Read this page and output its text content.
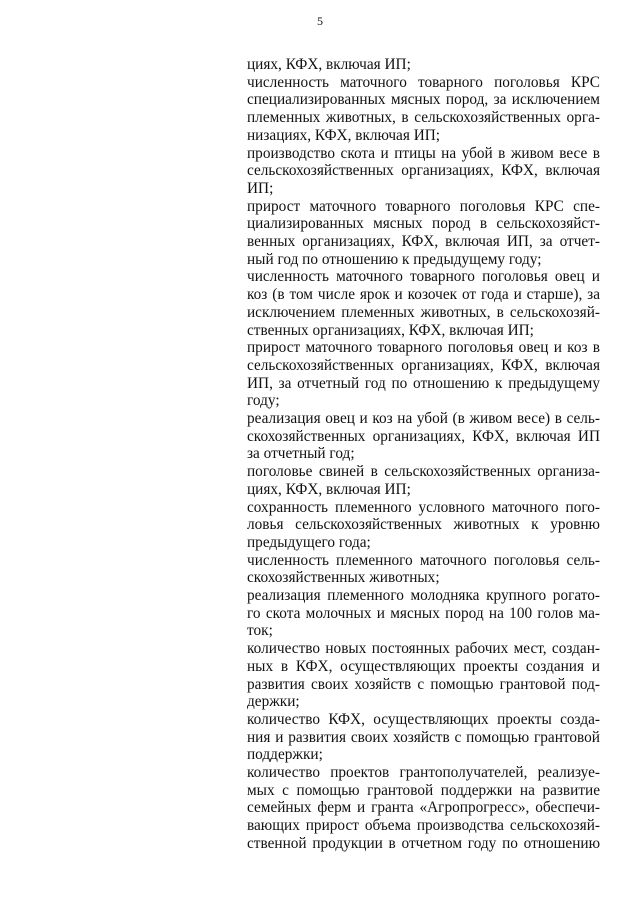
5
циях, КФХ, включая ИП;
численность маточного товарного поголовья КРС
специализированных мясных пород, за исключением
племенных животных, в сельскохозяйственных орга-
низациях, КФХ, включая ИП;
производство скота и птицы на убой в живом весе в
сельскохозяйственных организациях, КФХ, включая
ИП;
прирост маточного товарного поголовья КРС спе-
циализированных мясных пород в сельскохозяйст-
венных организациях, КФХ, включая ИП, за отчет-
ный год по отношению к предыдущему году;
численность маточного товарного поголовья овец и
коз (в том числе ярок и козочек от года и старше), за
исключением племенных животных, в сельскохозяй-
ственных организациях, КФХ, включая ИП;
прирост маточного товарного поголовья овец и коз в
сельскохозяйственных организациях, КФХ, включая
ИП, за отчетный год по отношению к предыдущему
году;
реализация овец и коз на убой (в живом весе) в сель-
скохозяйственных организациях, КФХ, включая ИП
за отчетный год;
поголовье свиней в сельскохозяйственных организа-
циях, КФХ, включая ИП;
сохранность племенного условного маточного пого-
ловья сельскохозяйственных животных к уровню
предыдущего года;
численность племенного маточного поголовья сель-
скохозяйственных животных;
реализация племенного молодняка крупного рогато-
го скота молочных и мясных пород на 100 голов ма-
ток;
количество новых постоянных рабочих мест, создан-
ных в КФХ, осуществляющих проекты создания и
развития своих хозяйств с помощью грантовой под-
держки;
количество КФХ, осуществляющих проекты созда-
ния и развития своих хозяйств с помощью грантовой
поддержки;
количество проектов грантополучателей, реализуе-
мых с помощью грантовой поддержки на развитие
семейных ферм и гранта «Агропрогресс», обеспечи-
вающих прирост объема производства сельскохозяй-
ственной продукции в отчетном году по отношению
